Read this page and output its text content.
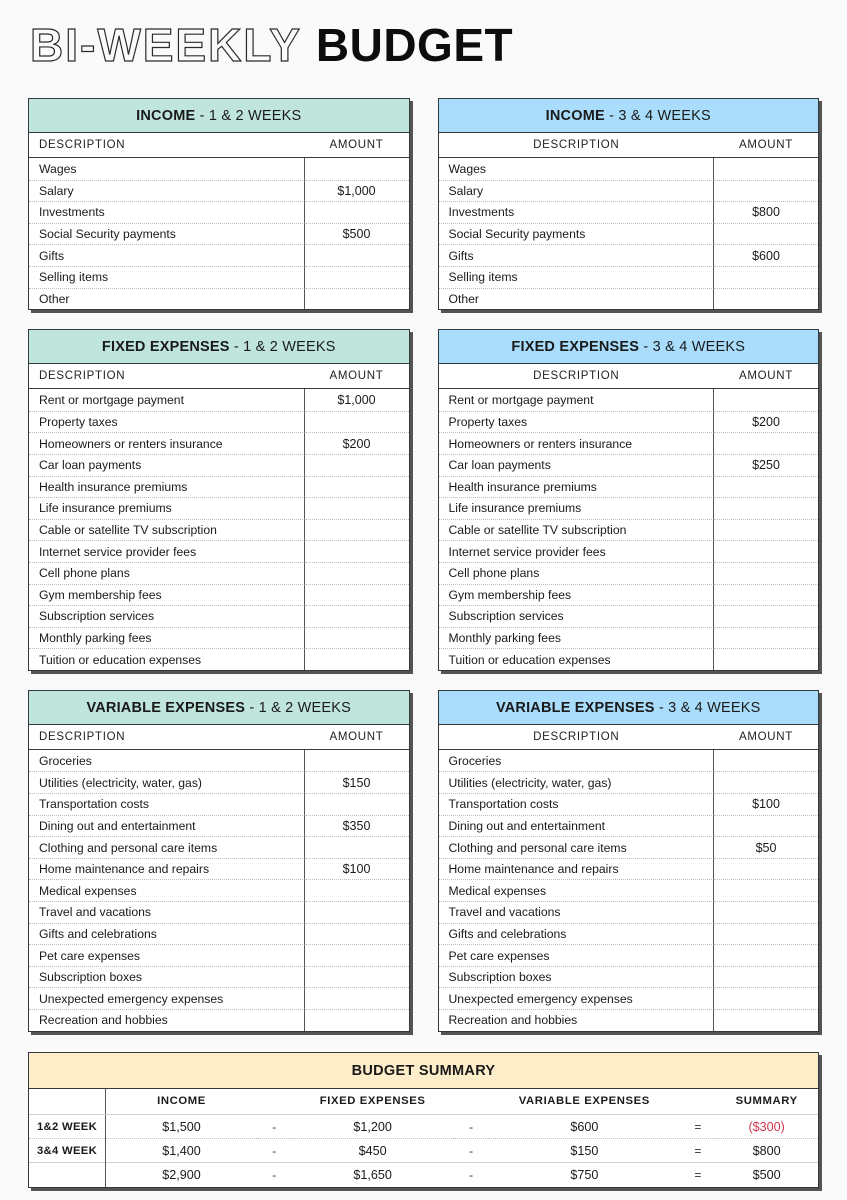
BI-WEEKLY BUDGET
INCOME - 1 & 2 WEEKS
DESCRIPTION	AMOUNT
Wages
Salary	$1,000
Investments
Social Security payments	$500
Gifts
Selling items
Other
INCOME - 3 & 4 WEEKS
DESCRIPTION	AMOUNT
Wages
Salary
Investments	$800
Social Security payments
Gifts	$600
Selling items
Other
FIXED EXPENSES - 1 & 2 WEEKS
DESCRIPTION	AMOUNT
Rent or mortgage payment	$1,000
Property taxes
Homeowners or renters insurance	$200
Car loan payments
Health insurance premiums
Life insurance premiums
Cable or satellite TV subscription
Internet service provider fees
Cell phone plans
Gym membership fees
Subscription services
Monthly parking fees
Tuition or education expenses
FIXED EXPENSES - 3 & 4 WEEKS
DESCRIPTION	AMOUNT
Rent or mortgage payment
Property taxes	$200
Homeowners or renters insurance
Car loan payments	$250
Health insurance premiums
Life insurance premiums
Cable or satellite TV subscription
Internet service provider fees
Cell phone plans
Gym membership fees
Subscription services
Monthly parking fees
Tuition or education expenses
VARIABLE EXPENSES - 1 & 2 WEEKS
DESCRIPTION	AMOUNT
Groceries
Utilities (electricity, water, gas)	$150
Transportation costs
Dining out and entertainment	$350
Clothing and personal care items
Home maintenance and repairs	$100
Medical expenses
Travel and vacations
Gifts and celebrations
Pet care expenses
Subscription boxes
Unexpected emergency expenses
Recreation and hobbies
VARIABLE EXPENSES - 3 & 4 WEEKS
DESCRIPTION	AMOUNT
Groceries
Utilities (electricity, water, gas)
Transportation costs	$100
Dining out and entertainment
Clothing and personal care items	$50
Home maintenance and repairs
Medical expenses
Travel and vacations
Gifts and celebrations
Pet care expenses
Subscription boxes
Unexpected emergency expenses
Recreation and hobbies
BUDGET SUMMARY
	INCOME		FIXED EXPENSES		VARIABLE EXPENSES		SUMMARY
1&2 WEEK	$1,500	-	$1,200	-	$600	=	($300)
3&4 WEEK	$1,400	-	$450	-	$150	=	$800
	$2,900	-	$1,650	-	$750	=	$500
